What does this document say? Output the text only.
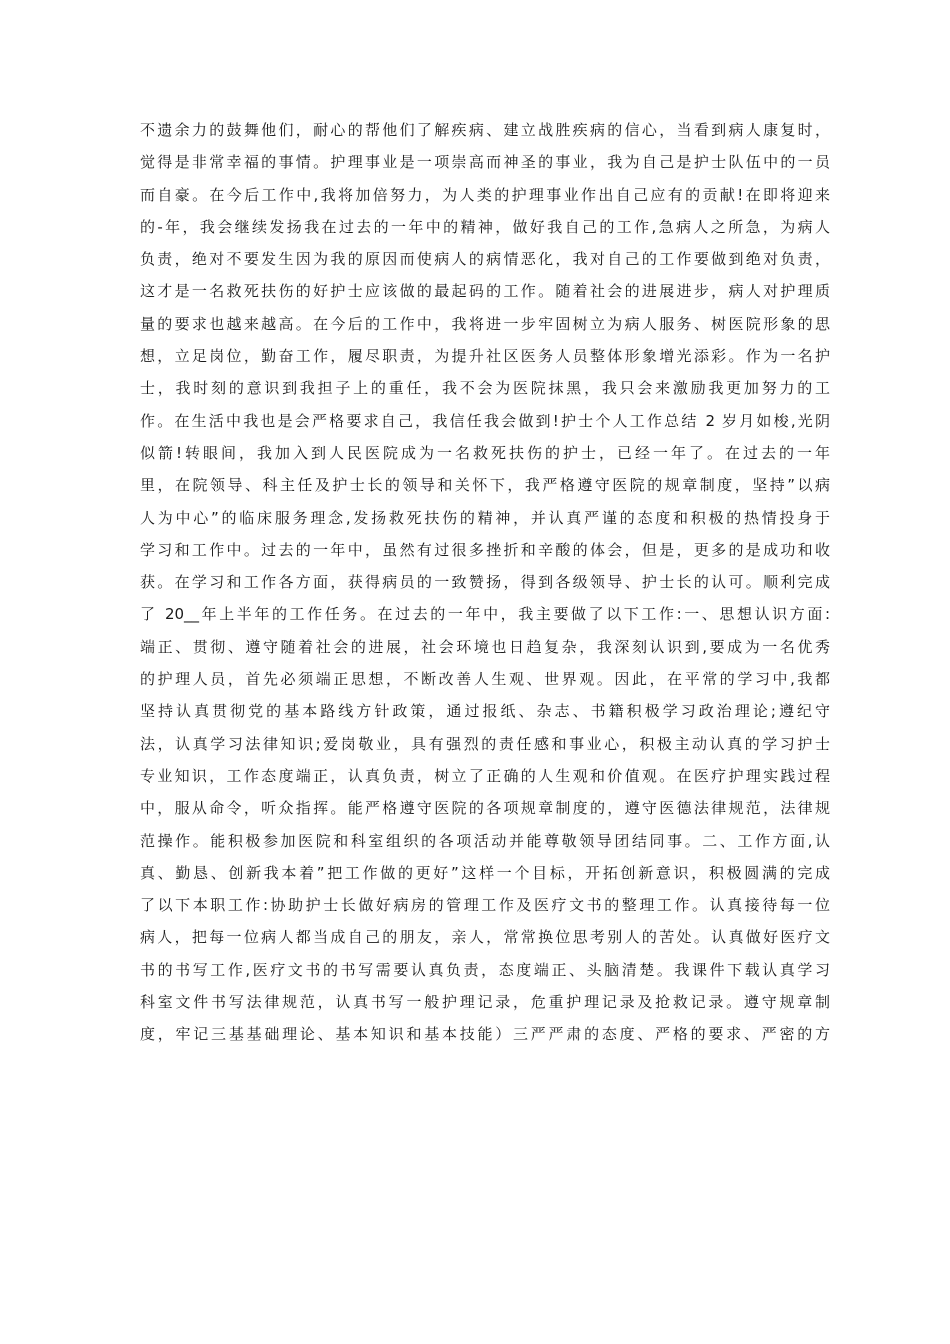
不遗余力的鼓舞他们，耐心的帮他们了解疾病、建立战胜疾病的信心，当看到病人康复时，
觉得是非常幸福的事情。护理事业是一项崇高而神圣的事业，我为自己是护士队伍中的一员
而自豪。在今后工作中,我将加倍努力，为人类的护理事业作出自己应有的贡献!在即将迎来
的-年，我会继续发扬我在过去的一年中的精神，做好我自己的工作,急病人之所急，为病人
负责，绝对不要发生因为我的原因而使病人的病情恶化，我对自己的工作要做到绝对负责，
这才是一名救死扶伤的好护士应该做的最起码的工作。随着社会的进展进步，病人对护理质
量的要求也越来越高。在今后的工作中，我将进一步牢固树立为病人服务、树医院形象的思
想，立足岗位，勤奋工作，履尽职责，为提升社区医务人员整体形象增光添彩。作为一名护
士，我时刻的意识到我担子上的重任，我不会为医院抹黑，我只会来激励我更加努力的工
作。在生活中我也是会严格要求自己，我信任我会做到!护士个人工作总结 2 岁月如梭,光阴
似箭!转眼间，我加入到人民医院成为一名救死扶伤的护士，已经一年了。在过去的一年
里，在院领导、科主任及护士长的领导和关怀下，我严格遵守医院的规章制度，坚持”以病
人为中心”的临床服务理念,发扬救死扶伤的精神，并认真严谨的态度和积极的热情投身于
学习和工作中。过去的一年中，虽然有过很多挫折和辛酸的体会，但是，更多的是成功和收
获。在学习和工作各方面，获得病员的一致赞扬，得到各级领导、护士长的认可。顺利完成
了 20__年上半年的工作任务。在过去的一年中，我主要做了以下工作:一、思想认识方面:
端正、贯彻、遵守随着社会的进展，社会环境也日趋复杂，我深刻认识到,要成为一名优秀
的护理人员，首先必须端正思想，不断改善人生观、世界观。因此，在平常的学习中,我都
坚持认真贯彻党的基本路线方针政策，通过报纸、杂志、书籍积极学习政治理论;遵纪守
法，认真学习法律知识;爱岗敬业，具有强烈的责任感和事业心，积极主动认真的学习护士
专业知识，工作态度端正，认真负责，树立了正确的人生观和价值观。在医疗护理实践过程
中，服从命令，听众指挥。能严格遵守医院的各项规章制度的，遵守医德法律规范，法律规
范操作。能积极参加医院和科室组织的各项活动并能尊敬领导团结同事。二、工作方面,认
真、勤恳、创新我本着”把工作做的更好”这样一个目标，开拓创新意识，积极圆满的完成
了以下本职工作:协助护士长做好病房的管理工作及医疗文书的整理工作。认真接待每一位
病人，把每一位病人都当成自己的朋友，亲人，常常换位思考别人的苦处。认真做好医疗文
书的书写工作,医疗文书的书写需要认真负责，态度端正、头脑清楚。我课件下载认真学习
科室文件书写法律规范，认真书写一般护理记录，危重护理记录及抢救记录。遵守规章制
度，牢记三基基础理论、基本知识和基本技能）三严严肃的态度、严格的要求、严密的方
